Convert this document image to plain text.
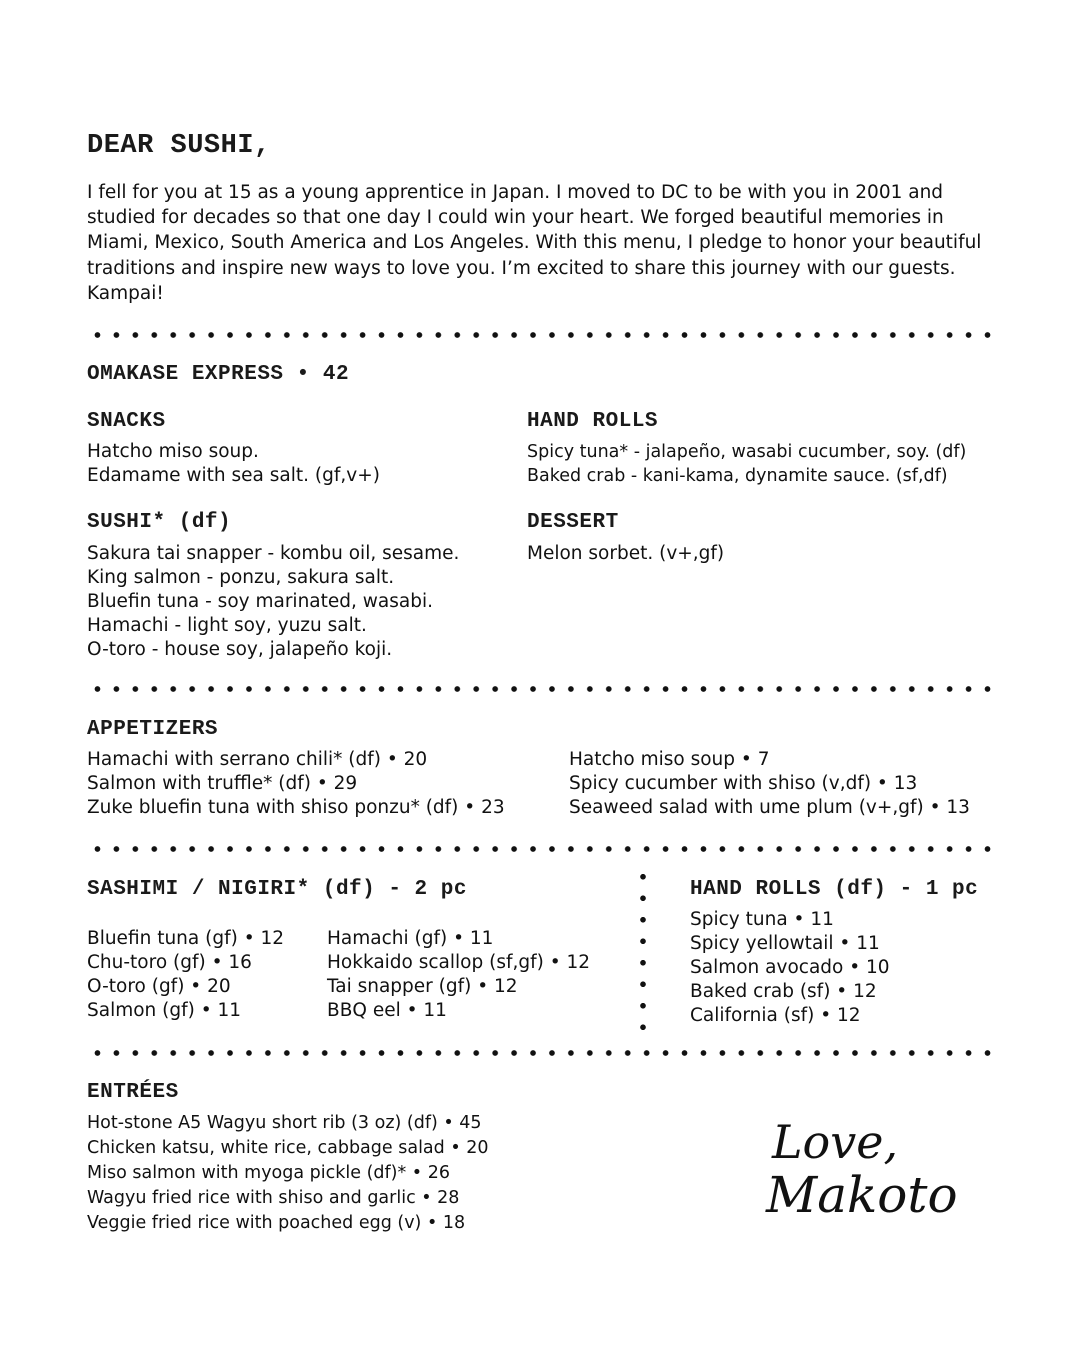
DEAR SUSHI,
I fell for you at 15 as a young apprentice in Japan. I moved to DC to be with you in 2001 and studied for decades so that one day I could win your heart. We forged beautiful memories in Miami, Mexico, South America and Los Angeles. With this menu, I pledge to honor your beautiful traditions and inspire new ways to love you. I’m excited to share this journey with our guests. Kampai!
OMAKASE EXPRESS • 42
SNACKS
Hatcho miso soup.
Edamame with sea salt. (gf,v+)
HAND ROLLS
Spicy tuna* - jalapeño, wasabi cucumber, soy. (df)
Baked crab - kani-kama, dynamite sauce. (sf,df)
SUSHI* (df)
Sakura tai snapper - kombu oil, sesame.
King salmon - ponzu, sakura salt.
Bluefin tuna - soy marinated, wasabi.
Hamachi - light soy, yuzu salt.
O-toro - house soy, jalapeño koji.
DESSERT
Melon sorbet. (v+,gf)
APPETIZERS
Hamachi with serrano chili* (df) • 20
Salmon with truffle* (df) • 29
Zuke bluefin tuna with shiso ponzu* (df) • 23
Hatcho miso soup • 7
Spicy cucumber with shiso (v,df) • 13
Seaweed salad with ume plum (v+,gf) • 13
SASHIMI / NIGIRI* (df) - 2 pc
Bluefin tuna (gf) • 12
Chu-toro (gf) • 16
O-toro (gf) • 20
Salmon (gf) • 11
Hamachi (gf) • 11
Hokkaido scallop (sf,gf) • 12
Tai snapper (gf) • 12
BBQ eel • 11
HAND ROLLS (df) - 1 pc
Spicy tuna • 11
Spicy yellowtail • 11
Salmon avocado • 10
Baked crab (sf) • 12
California (sf) • 12
ENTRÉES
Hot-stone A5 Wagyu short rib (3 oz) (df) • 45
Chicken katsu, white rice, cabbage salad • 20
Miso salmon with myoga pickle (df)* • 26
Wagyu fried rice with shiso and garlic • 28
Veggie fried rice with poached egg (v) • 18
Love,
Makoto
